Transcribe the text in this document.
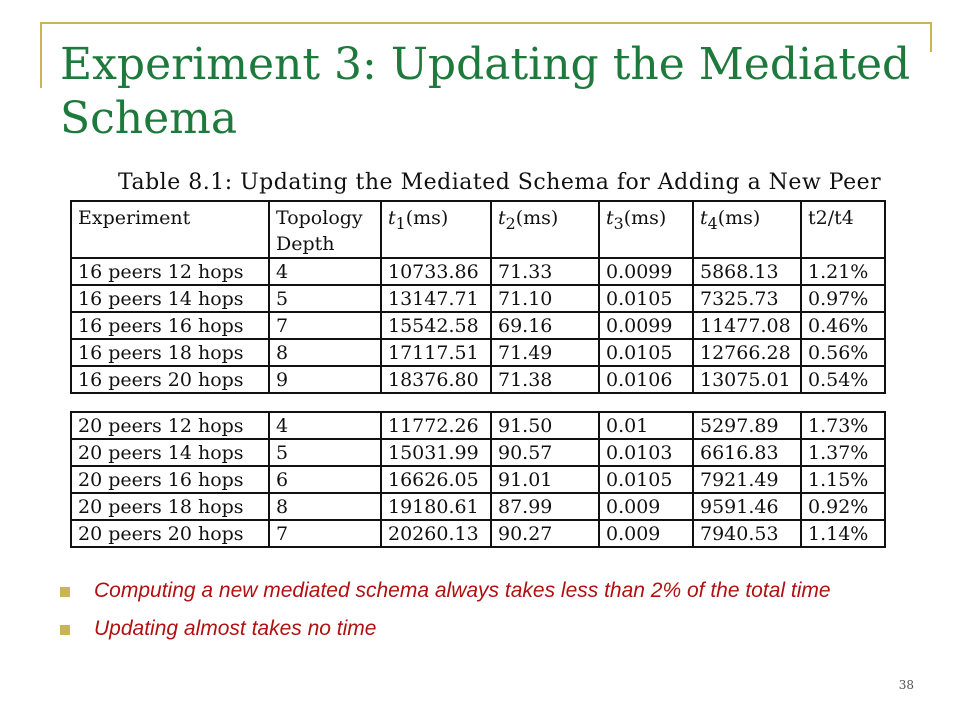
Experiment 3: Updating the Mediated Schema
Table 8.1: Updating the Mediated Schema for Adding a New Peer
Experiment	Topology Depth	$t_1(ms)$	$t_2(ms)$	$t_3(ms)$	$t_4(ms)$	t2/t4
16 peers 12 hops	4	10733.86	71.33	0.0099	5868.13	1.21%
16 peers 14 hops	5	13147.71	71.10	0.0105	7325.73	0.97%
16 peers 16 hops	7	15542.58	69.16	0.0099	11477.08	0.46%
16 peers 18 hops	8	17117.51	71.49	0.0105	12766.28	0.56%
16 peers 20 hops	9	18376.80	71.38	0.0106	13075.01	0.54%
20 peers 12 hops	4	11772.26	91.50	0.01	5297.89	1.73%
20 peers 14 hops	5	15031.99	90.57	0.0103	6616.83	1.37%
20 peers 16 hops	6	16626.05	91.01	0.0105	7921.49	1.15%
20 peers 18 hops	8	19180.61	87.99	0.009	9591.46	0.92%
20 peers 20 hops	7	20260.13	90.27	0.009	7940.53	1.14%
Computing a new mediated schema always takes less than 2% of the total time
Updating almost takes no time
38
